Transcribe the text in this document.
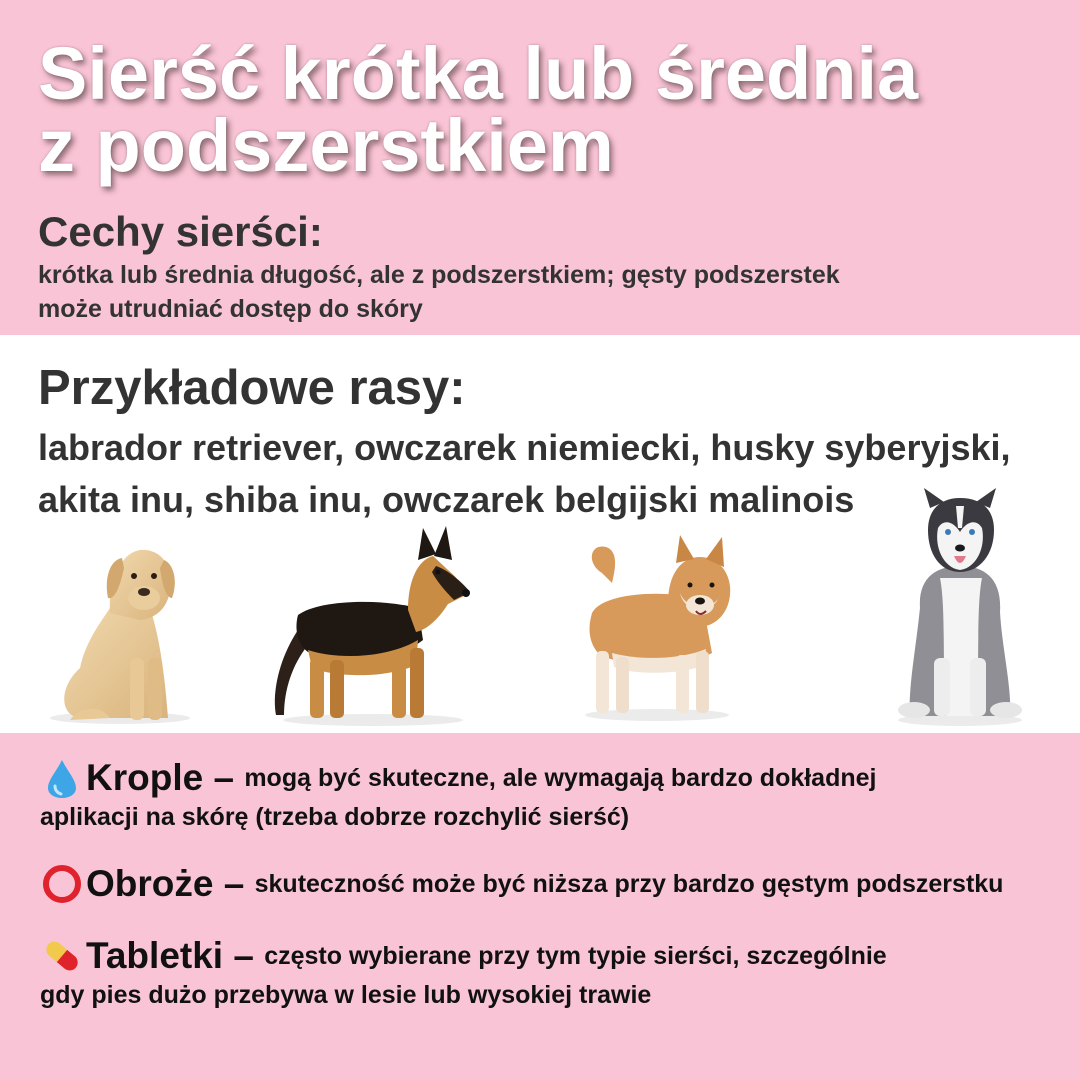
Sierść krótka lub średnia
z podszerstkiem
Cechy sierści:
krótka lub średnia długość, ale z podszerstkiem; gęsty podszerstek
może utrudniać dostęp do skóry
Przykładowe rasy:
labrador retriever, owczarek niemiecki, husky syberyjski,
akita inu, shiba inu, owczarek belgijski malinois
Krople – mogą być skuteczne, ale wymagają bardzo dokładnej
aplikacji na skórę (trzeba dobrze rozchylić sierść)
Obroże – skuteczność może być niższa przy bardzo gęstym podszerstku
Tabletki – często wybierane przy tym typie sierści, szczególnie
gdy pies dużo przebywa w lesie lub wysokiej trawie
